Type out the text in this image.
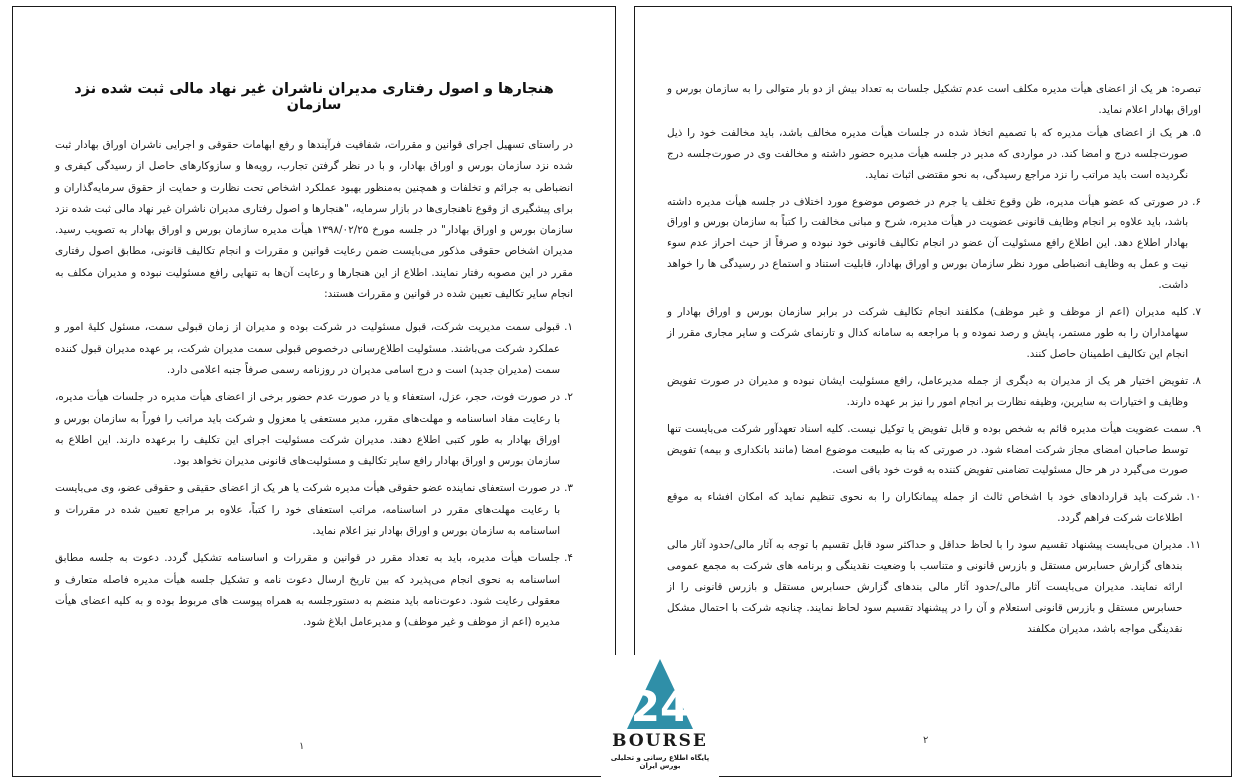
هنجارها و اصول رفتاری مدیران ناشران غیر نهاد مالی ثبت شده نزد سازمان

در راستای تسهیل اجرای قوانین و مقررات، شفافیت فرآیندها و رفع ابهامات حقوقی و اجرایی ناشران اوراق بهادار ثبت شده نزد سازمان بورس و اوراق بهادار، و با در نظر گرفتن تجارب، رویه‌ها و سازوکارهای حاصل از رسیدگی کیفری و انضباطی به جرائم و تخلفات و همچنین به‌منظور بهبود عملکرد اشخاص تحت نظارت و حمایت از حقوق سرمایه‌گذاران و برای پیشگیری از وقوع ناهنجاری‌ها در بازار سرمایه، "هنجارها و اصول رفتاری مدیران ناشران غیر نهاد مالی ثبت شده نزد سازمان بورس و اوراق بهادار" در جلسه مورخ ۱۳۹۸/۰۲/۲۵ هیأت مدیره سازمان بورس و اوراق بهادار به تصویب رسید. مدیران اشخاص حقوقی مذکور می‌بایست ضمن رعایت قوانین و مقررات و انجام تکالیف قانونی، مطابق اصول رفتاری مقرر در این مصوبه رفتار نمایند. اطلاع از این هنجارها و رعایت آن‌ها به تنهایی رافع مسئولیت نبوده و مدیران مکلف به انجام سایر تکالیف تعیین شده در قوانین و مقررات هستند:

۱.
قبولی سمت مدیریت شرکت، قبول مسئولیت در شرکت بوده و مدیران از زمان قبولی سمت، مسئول کلیهٔ امور و عملکرد شرکت می‌باشند. مسئولیت اطلاع‌رسانی درخصوص قبولی سمت مدیران شرکت، بر عهده مدیران قبول کننده سمت (مدیران جدید) است و درج اسامی مدیران در روزنامه رسمی صرفاً جنبه اعلامی دارد.
۲.
در صورت فوت، حجر، عزل، استعفاء و یا در صورت عدم حضور برخی از اعضای هیأت مدیره در جلسات هیأت مدیره، با رعایت مفاد اساسنامه و مهلت‌های مقرر، مدیر مستعفی یا معزول و شرکت باید مراتب را فوراً به سازمان بورس و اوراق بهادار به طور کتبی اطلاع دهند. مدیران شرکت مسئولیت اجرای این تکلیف را برعهده دارند. این اطلاع به سازمان بورس و اوراق بهادار رافع سایر تکالیف و مسئولیت‌های قانونی مدیران نخواهد بود.
۳.
در صورت استعفای نماینده عضو حقوقی هیأت مدیره شرکت یا هر یک از اعضای حقیقی و حقوقی عضو، وی می‌بایست با رعایت مهلت‌های مقرر در اساسنامه، مراتب استعفای خود را کتباً، علاوه بر مراجع تعیین شده در مقررات و اساسنامه به سازمان بورس و اوراق بهادار نیز اعلام نماید.
۴.
جلسات هیأت مدیره، باید به تعداد مقرر در قوانین و مقررات و اساسنامه تشکیل گردد. دعوت به جلسه مطابق اساسنامه به نحوی انجام می‌پذیرد که بین تاریخ ارسال دعوت نامه و تشکیل جلسه هیأت مدیره فاصله متعارف و معقولی رعایت شود. دعوت‌نامه باید منضم به دستورجلسه به همراه پیوست های مربوط بوده و به کلیه اعضای هیأت مدیره (اعم از موظف و غیر موظف) و مدیرعامل ابلاغ شود.
۱

تبصره: هر یک از اعضای هیأت مدیره مکلف است عدم تشکیل جلسات به تعداد بیش از دو بار متوالی را به سازمان بورس و اوراق بهادار اعلام نماید.

۵.
هر یک از اعضای هیأت مدیره که با تصمیم اتخاذ شده در جلسات هیأت مدیره مخالف باشد، باید مخالفت خود را ذیل صورت‌جلسه درج و امضا کند. در مواردی که مدیر در جلسه هیأت مدیره حضور داشته و مخالفت وی در صورت‌جلسه درج نگردیده است باید مراتب را نزد مراجع رسیدگی، به نحو مقتضی اثبات نماید.
۶.
در صورتی که عضو هیأت مدیره، ظن وقوع تخلف یا جرم در خصوص موضوع مورد اختلاف در جلسه هیأت مدیره داشته باشد، باید علاوه بر انجام وظایف قانونی عضویت در هیأت مدیره، شرح و مبانی مخالفت را کتباً به سازمان بورس و اوراق بهادار اطلاع دهد. این اطلاع رافع مسئولیت آن عضو در انجام تکالیف قانونی خود نبوده و صرفاً از حیث احراز عدم سوء نیت و عمل به وظایف انضباطی مورد نظر سازمان بورس و اوراق بهادار، قابلیت استناد و استماع در رسیدگی ها را خواهد داشت.
۷.
کلیه مدیران (اعم از موظف و غیر موظف) مکلفند انجام تکالیف شرکت در برابر سازمان بورس و اوراق بهادار و سهامداران را به طور مستمر، پایش و رصد نموده و با مراجعه به سامانه کدال و تارنمای شرکت و سایر مجاری مقرر از انجام این تکالیف اطمینان حاصل کنند.
۸.
تفویض اختیار هر یک از مدیران به دیگری از جمله مدیرعامل، رافع مسئولیت ایشان نبوده و مدیران در صورت تفویض وظایف و اختیارات به سایرین، وظیفه نظارت بر انجام امور را نیز بر عهده دارند.
۹.
سمت عضویت هیأت مدیره قائم به شخص بوده و قابل تفویض یا توکیل نیست. کلیه اسناد تعهدآور شرکت می‌بایست تنها توسط صاحبان امضای مجاز شرکت امضاء شود. در صورتی که بنا به طبیعت موضوع امضا (مانند بانکداری و بیمه) تفویض صورت می‌گیرد در هر حال مسئولیت تضامنی تفویض کننده به قوت خود باقی است.
۱۰.
شرکت باید قراردادهای خود با اشخاص ثالث از جمله پیمانکاران را به نحوی تنظیم نماید که امکان افشاء به موقع اطلاعات شرکت فراهم گردد.
۱۱.
مدیران می‌بایست پیشنهاد تقسیم سود را با لحاظ حداقل و حداکثر سود قابل تقسیم با توجه به آثار مالی/حدود آثار مالی بندهای گزارش حسابرس مستقل و بازرس قانونی و متناسب با وضعیت نقدینگی و برنامه های شرکت به مجمع عمومی ارائه نمایند. مدیران می‌بایست آثار مالی/حدود آثار مالی بندهای گزارش حسابرس مستقل و بازرس قانونی را از حسابرس مستقل و بازرس قانونی استعلام و آن را در پیشنهاد تقسیم سود لحاظ نمایند. چنانچه شرکت با احتمال مشکل نقدینگی مواجه باشد، مدیران مکلفند
۲
24
BOURSE
پایگاه اطلاع رسانی و تحلیلی بورس ایران
